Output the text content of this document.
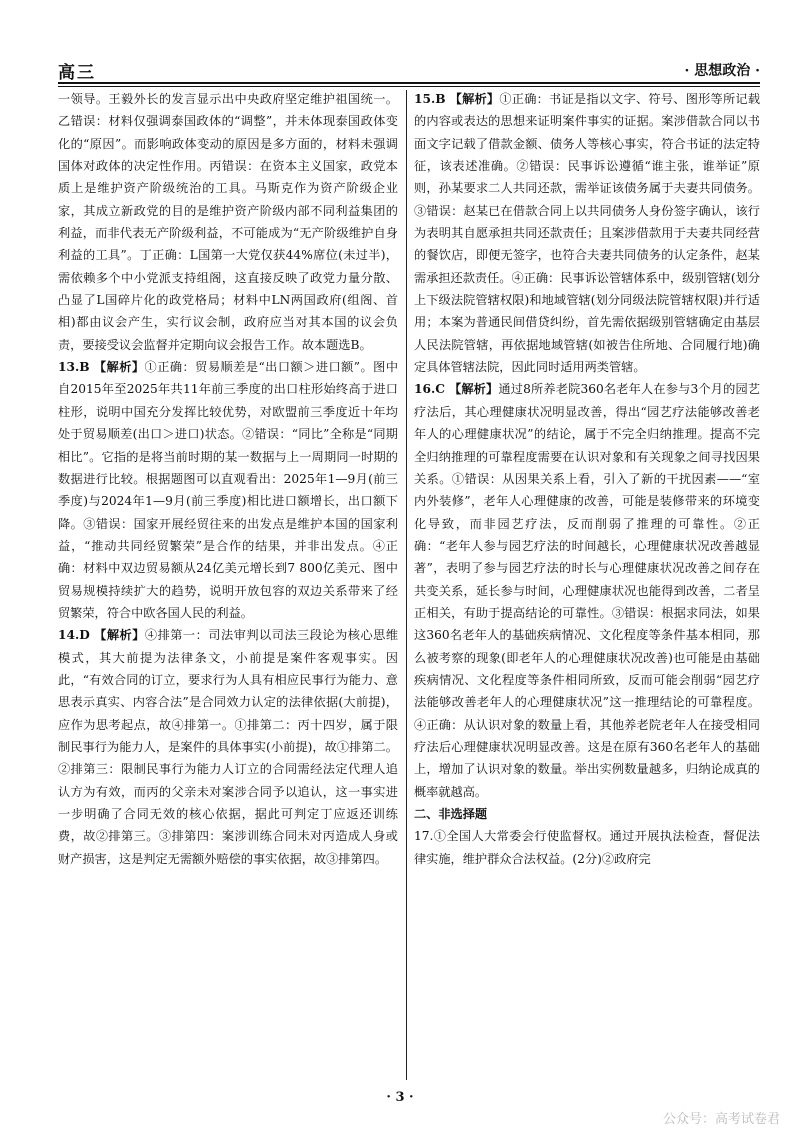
高三	· 思想政治 ·

一领导。王毅外长的发言显示出中央政府坚定维护祖国统一。乙错误：材料仅强调泰国政体的“调整”，并未体现泰国政体变化的“原因”。而影响政体变动的原因是多方面的，材料未强调国体对政体的决定性作用。丙错误：在资本主义国家，政党本质上是维护资产阶级统治的工具。马斯克作为资产阶级企业家，其成立新政党的目的是维护资产阶级内部不同利益集团的利益，而非代表无产阶级利益，不可能成为“无产阶级维护自身利益的工具”。丁正确：L国第一大党仅获44%席位(未过半)，需依赖多个中小党派支持组阁，这直接反映了政党力量分散、凸显了L国碎片化的政党格局；材料中LN两国政府(组阁、首相)都由议会产生，实行议会制，政府应当对其本国的议会负责，要接受议会监督并定期向议会报告工作。故本题选B。

13.B 【解析】①正确：贸易顺差是“出口额＞进口额”。图中自2015年至2025年共11年前三季度的出口柱形始终高于进口柱形，说明中国充分发挥比较优势，对欧盟前三季度近十年均处于贸易顺差(出口＞进口)状态。②错误：“同比”全称是“同期相比”。它指的是将当前时期的某一数据与上一周期同一时期的数据进行比较。根据题图可以直观看出：2025年1—9月(前三季度)与2024年1—9月(前三季度)相比进口额增长，出口额下降。③错误：国家开展经贸往来的出发点是维护本国的国家利益，“推动共同经贸繁荣”是合作的结果，并非出发点。④正确：材料中双边贸易额从24亿美元增长到7 800亿美元、图中贸易规模持续扩大的趋势，说明开放包容的双边关系带来了经贸繁荣，符合中欧各国人民的利益。

14.D 【解析】④排第一：司法审判以司法三段论为核心思维模式，其大前提为法律条文，小前提是案件客观事实。因此，“有效合同的订立，要求行为人具有相应民事行为能力、意思表示真实、内容合法”是合同效力认定的法律依据(大前提)，应作为思考起点，故④排第一。①排第二：丙十四岁，属于限制民事行为能力人，是案件的具体事实(小前提)，故①排第二。②排第三：限制民事行为能力人订立的合同需经法定代理人追认方为有效，而丙的父亲未对案涉合同予以追认，这一事实进一步明确了合同无效的核心依据，据此可判定丁应返还训练费，故②排第三。③排第四：案涉训练合同未对丙造成人身或财产损害，这是判定无需额外赔偿的事实依据，故③排第四。

15.B 【解析】①正确：书证是指以文字、符号、图形等所记载的内容或表达的思想来证明案件事实的证据。案涉借款合同以书面文字记载了借款金额、债务人等核心事实，符合书证的法定特征，该表述准确。②错误：民事诉讼遵循“谁主张，谁举证”原则，孙某要求二人共同还款，需举证该债务属于夫妻共同债务。③错误：赵某已在借款合同上以共同债务人身份签字确认，该行为表明其自愿承担共同还款责任；且案涉借款用于夫妻共同经营的餐饮店，即便无签字，也符合夫妻共同债务的认定条件，赵某需承担还款责任。④正确：民事诉讼管辖体系中，级别管辖(划分上下级法院管辖权限)和地域管辖(划分同级法院管辖权限)并行适用；本案为普通民间借贷纠纷，首先需依据级别管辖确定由基层人民法院管辖，再依据地域管辖(如被告住所地、合同履行地)确定具体管辖法院，因此同时适用两类管辖。

16.C 【解析】通过8所养老院360名老年人在参与3个月的园艺疗法后，其心理健康状况明显改善，得出“园艺疗法能够改善老年人的心理健康状况”的结论，属于不完全归纳推理。提高不完全归纳推理的可靠程度需要在认识对象和有关现象之间寻找因果关系。①错误：从因果关系上看，引入了新的干扰因素——“室内外装修”，老年人心理健康的改善，可能是装修带来的环境变化导致，而非园艺疗法，反而削弱了推理的可靠性。②正确：“老年人参与园艺疗法的时间越长，心理健康状况改善越显著”，表明了参与园艺疗法的时长与心理健康状况改善之间存在共变关系，延长参与时间，心理健康状况也能得到改善，二者呈正相关，有助于提高结论的可靠性。③错误：根据求同法，如果这360名老年人的基础疾病情况、文化程度等条件基本相同，那么被考察的现象(即老年人的心理健康状况改善)也可能是由基础疾病情况、文化程度等条件相同所致，反而可能会削弱“园艺疗法能够改善老年人的心理健康状况”这一推理结论的可靠程度。④正确：从认识对象的数量上看，其他养老院老年人在接受相同疗法后心理健康状况明显改善。这是在原有360名老年人的基础上，增加了认识对象的数量。举出实例数量越多，归纳论成真的概率就越高。

二、非选择题

17.①全国人大常委会行使监督权。通过开展执法检查，督促法律实施，维护群众合法权益。(2分)②政府完

· 3 ·
公众号：高考试卷君
